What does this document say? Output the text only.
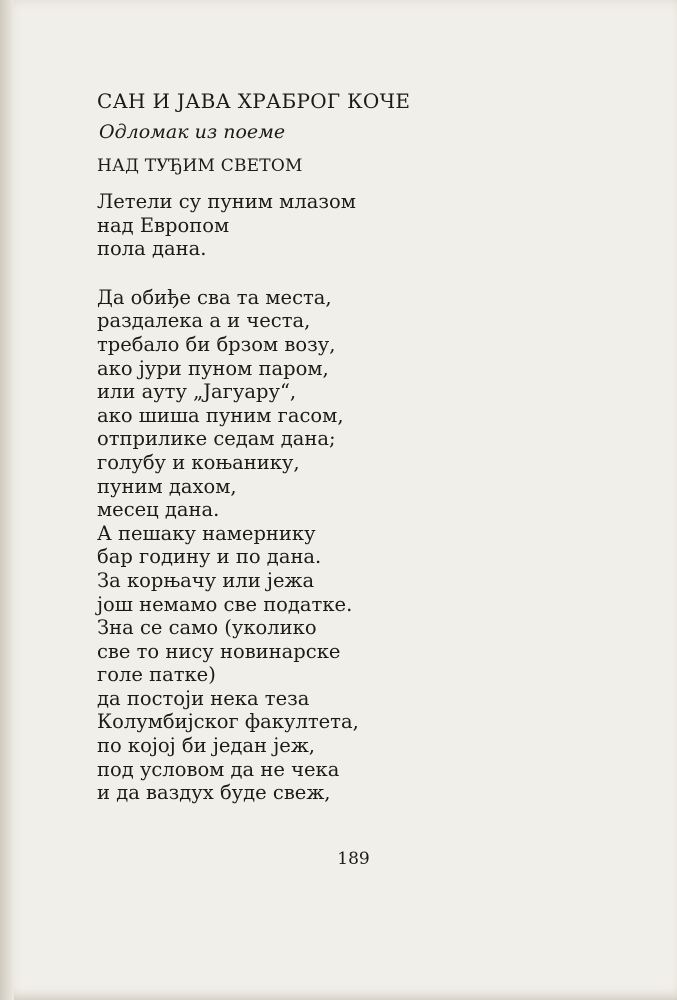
САН И ЈАВА ХРАБРОГ КОЧЕ
Одломак из поеме
НАД ТУЂИМ СВЕТОМ
Летели су пуним млазом
над Европом
пола дана.
Да обиђе сва та места,
раздалека а и честа,
требало би брзом возу,
ако јури пуном паром,
или ауту „Јагуару“,
ако шиша пуним гасом,
отприлике седам дана;
голубу и коњанику,
пуним дахом,
месец дана.
А пешаку намернику
бар годину и по дана.
За корњачу или јежа
још немамо све податке.
Зна се само (уколико
све то нису новинарске
голе патке)
да постоји нека теза
Колумбијског факултета,
по којој би један јеж,
под условом да не чека
и да ваздух буде свеж,
189
